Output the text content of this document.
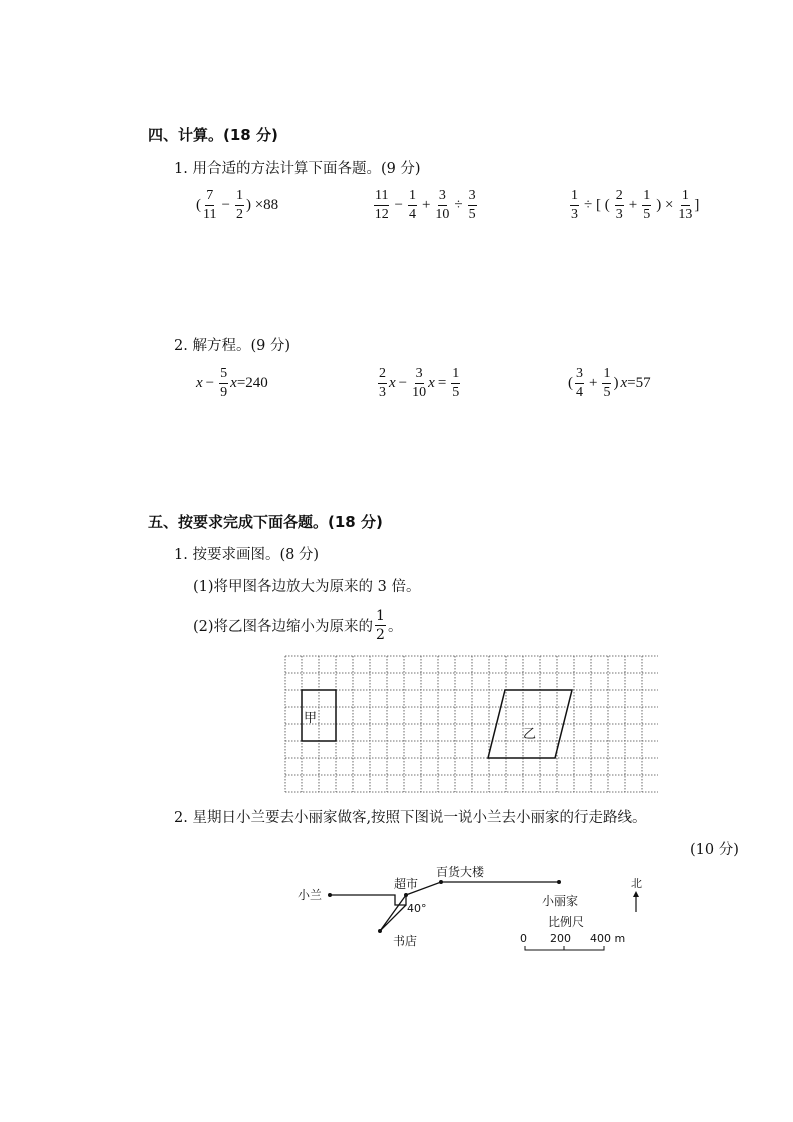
四、计算。(18 分)
1. 用合适的方法计算下面各题。(9 分)
( $\frac{7}{11} - \frac{1}{2}$ ) ×88	$\frac{11}{12} - \frac{1}{4} + \frac{3}{10} \div \frac{3}{5}$	$\frac{1}{3}$ ÷ [ ( $\frac{2}{3} + \frac{1}{5}$ ) × $\frac{1}{13}$ ]
2. 解方程。(9 分)
$x - \frac{5}{9}$ x =240	$\frac{2}{3}$ $x - \frac{3}{10}$ $x = \frac{1}{5}$	( $\frac{3}{4} + \frac{1}{5}$ ) x =57
五、按要求完成下面各题。(18 分)
1. 按要求画图。(8 分)
(1)将甲图各边放大为原来的 3 倍。
(2)将乙图各边缩小为原来的 $\frac{1}{2}$ 。
甲
乙
2. 星期日小兰要去小丽家做客,按照下图说一说小兰去小丽家的行走路线。
(10 分)
小兰
超市
百货大楼
小丽家
书店
40°
北
比例尺
0 200 400 m
